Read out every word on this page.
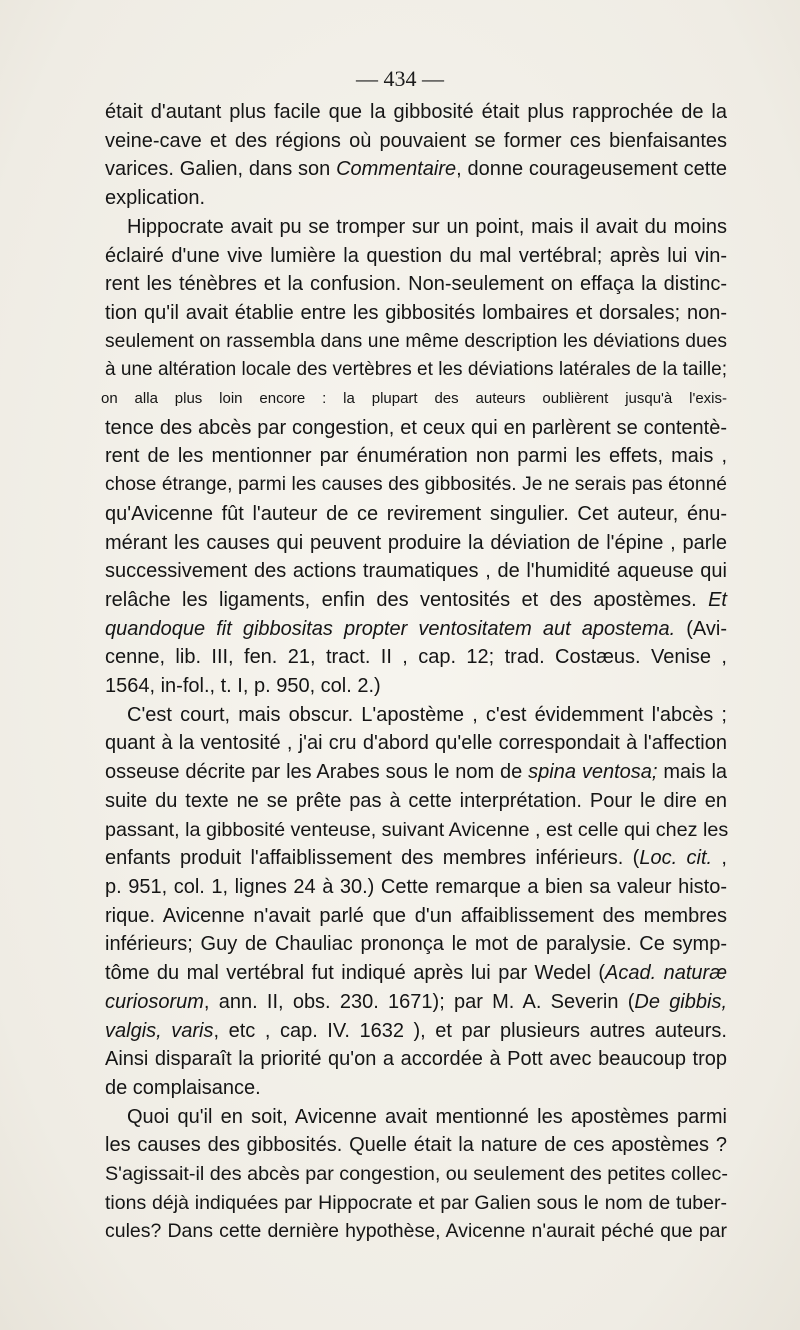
— 434 —
était d'autant plus facile que la gibbosité était plus rapprochée de la
veine-cave et des régions où pouvaient se former ces bienfaisantes
varices. Galien, dans son Commentaire, donne courageusement cette
explication.
Hippocrate avait pu se tromper sur un point, mais il avait du moins
éclairé d'une vive lumière la question du mal vertébral; après lui vin-
rent les ténèbres et la confusion. Non-seulement on effaça la distinc-
tion qu'il avait établie entre les gibbosités lombaires et dorsales; non-
seulement on rassembla dans une même description les déviations dues
à une altération locale des vertèbres et les déviations latérales de la taille;
on alla plus loin encore : la plupart des auteurs oublièrent jusqu'à l'exis-
tence des abcès par congestion, et ceux qui en parlèrent se contentè-
rent de les mentionner par énumération non parmi les effets, mais ,
chose étrange, parmi les causes des gibbosités. Je ne serais pas étonné
qu'Avicenne fût l'auteur de ce revirement singulier. Cet auteur, énu-
mérant les causes qui peuvent produire la déviation de l'épine , parle
successivement des actions traumatiques , de l'humidité aqueuse qui
relâche les ligaments, enfin des ventosités et des apostèmes. Et
quandoque fit gibbositas propter ventositatem aut apostema. (Avi-
cenne, lib. III, fen. 21, tract. II , cap. 12; trad. Costæus. Venise ,
1564, in-fol., t. I, p. 950, col. 2.)
C'est court, mais obscur. L'apostème , c'est évidemment l'abcès ;
quant à la ventosité , j'ai cru d'abord qu'elle correspondait à l'affection
osseuse décrite par les Arabes sous le nom de spina ventosa; mais la
suite du texte ne se prête pas à cette interprétation. Pour le dire en
passant, la gibbosité venteuse, suivant Avicenne , est celle qui chez les
enfants produit l'affaiblissement des membres inférieurs. (Loc. cit. ,
p. 951, col. 1, lignes 24 à 30.) Cette remarque a bien sa valeur histo-
rique. Avicenne n'avait parlé que d'un affaiblissement des membres
inférieurs; Guy de Chauliac prononça le mot de paralysie. Ce symp-
tôme du mal vertébral fut indiqué après lui par Wedel (Acad. naturæ
curiosorum, ann. II, obs. 230. 1671); par M. A. Severin (De gibbis,
valgis, varis, etc , cap. IV. 1632 ), et par plusieurs autres auteurs.
Ainsi disparaît la priorité qu'on a accordée à Pott avec beaucoup trop
de complaisance.
Quoi qu'il en soit, Avicenne avait mentionné les apostèmes parmi
les causes des gibbosités. Quelle était la nature de ces apostèmes ?
S'agissait-il des abcès par congestion, ou seulement des petites collec-
tions déjà indiquées par Hippocrate et par Galien sous le nom de tuber-
cules? Dans cette dernière hypothèse, Avicenne n'aurait péché que par
